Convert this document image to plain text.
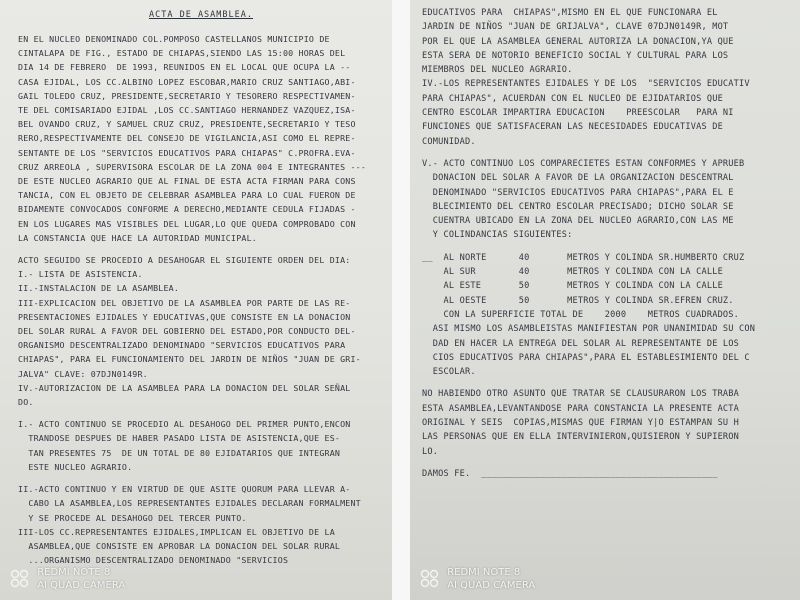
ACTA DE ASAMBLEA.
EN EL NUCLEO DENOMINADO COL.POMPOSO CASTELLANOS MUNICIPIO DE
CINTALAPA DE FIG., ESTADO DE CHIAPAS,SIENDO LAS 15:00 HORAS DEL
DIA 14 DE FEBRERO  DE 1993, REUNIDOS EN EL LOCAL QUE OCUPA LA --
CASA EJIDAL, LOS CC.ALBINO LOPEZ ESCOBAR,MARIO CRUZ SANTIAGO,ABI-
GAIL TOLEDO CRUZ, PRESIDENTE,SECRETARIO Y TESORERO RESPECTIVAMEN-
TE DEL COMISARIADO EJIDAL ,LOS CC.SANTIAGO HERNANDEZ VAZQUEZ,ISA-
BEL OVANDO CRUZ, Y SAMUEL CRUZ CRUZ, PRESIDENTE,SECRETARIO Y TESO
RERO,RESPECTIVAMENTE DEL CONSEJO DE VIGILANCIA,ASI COMO EL REPRE-
SENTANTE DE LOS "SERVICIOS EDUCATIVOS PARA CHIAPAS" C.PROFRA.EVA-
CRUZ ARREOLA , SUPERVISORA ESCOLAR DE LA ZONA 004 E INTEGRANTES ---
DE ESTE NUCLEO AGRARIO QUE AL FINAL DE ESTA ACTA FIRMAN PARA CONS
TANCIA, CON EL OBJETO DE CELEBRAR ASAMBLEA PARA LO CUAL FUERON DE
BIDAMENTE CONVOCADOS CONFORME A DERECHO,MEDIANTE CEDULA FIJADAS -
EN LOS LUGARES MAS VISIBLES DEL LUGAR,LO QUE QUEDA COMPROBADO CON
LA CONSTANCIA QUE HACE LA AUTORIDAD MUNICIPAL.
ACTO SEGUIDO SE PROCEDIO A DESAHOGAR EL SIGUIENTE ORDEN DEL DIA:
I.- LISTA DE ASISTENCIA.
II.-INSTALACION DE LA ASAMBLEA.
III-EXPLICACION DEL OBJETIVO DE LA ASAMBLEA POR PARTE DE LAS RE-
PRESENTACIONES EJIDALES Y EDUCATIVAS,QUE CONSISTE EN LA DONACION
DEL SOLAR RURAL A FAVOR DEL GOBIERNO DEL ESTADO,POR CONDUCTO DEL-
ORGANISMO DESCENTRALIZADO DENOMINADO "SERVICIOS EDUCATIVOS PARA
CHIAPAS", PARA EL FUNCIONAMIENTO DEL JARDIN DE NIÑOS "JUAN DE GRI-
JALVA" CLAVE: 07DJN0149R.
IV.-AUTORIZACION DE LA ASAMBLEA PARA LA DONACION DEL SOLAR SEÑAL
DO.
I.- ACTO CONTINUO SE PROCEDIO AL DESAHOGO DEL PRIMER PUNTO,ENCON
TRANDOSE DESPUES DE HABER PASADO LISTA DE ASISTENCIA,QUE ES-
TAN PRESENTES 75  DE UN TOTAL DE 80 EJIDATARIOS QUE INTEGRAN
ESTE NUCLEO AGRARIO.
II.-ACTO CONTINUO Y EN VIRTUD DE QUE ASITE QUORUM PARA LLEVAR A-
CABO LA ASAMBLEA,LOS REPRESENTANTES EJIDALES DECLARAN FORMALMENT
Y SE PROCEDE AL DESAHOGO DEL TERCER PUNTO.
III-LOS CC.REPRESENTANTES EJIDALES,IMPLICAN EL OBJETIVO DE LA
ASAMBLEA,QUE CONSISTE EN APROBAR LA DONACION DEL SOLAR RURAL
...ORGANISMO DESCENTRALIZADO DENOMINADO "SERVICIOS
EDUCATIVOS PARA  CHIAPAS",MISMO EN EL QUE FUNCIONARA EL
JARDIN DE NIÑOS "JUAN DE GRIJALVA", CLAVE 07DJN0149R, MOT
POR EL QUE LA ASAMBLEA GENERAL AUTORIZA LA DONACION,YA QUE
ESTA SERA DE NOTORIO BENEFICIO SOCIAL Y CULTURAL PARA LOS
MIEMBROS DEL NUCLEO AGRARIO.
IV.-LOS REPRESENTANTES EJIDALES Y DE LOS  "SERVICIOS EDUCATIV
PARA CHIAPAS", ACUERDAN CON EL NUCLEO DE EJIDATARIOS QUE
CENTRO ESCOLAR IMPARTIRA EDUCACION    PREESCOLAR   PARA NI
FUNCIONES QUE SATISFACERAN LAS NECESIDADES EDUCATIVAS DE
COMUNIDAD.
V.- ACTO CONTINUO LOS COMPARECIETES ESTAN CONFORMES Y APRUEB
DONACION DEL SOLAR A FAVOR DE LA ORGANIZACION DESCENTRAL
DENOMINADO "SERVICIOS EDUCATIVOS PARA CHIAPAS",PARA EL E
BLECIMIENTO DEL CENTRO ESCOLAR PRECISADO; DICHO SOLAR SE
CUENTRA UBICADO EN LA ZONA DEL NUCLEO AGRARIO,CON LAS ME
Y COLINDANCIAS SIGUIENTES:
__  AL NORTE      40       METROS Y COLINDA SR.HUMBERTO CRUZ
AL SUR        40       METROS Y COLINDA CON LA CALLE
AL ESTE       50       METROS Y COLINDA CON LA CALLE
AL OESTE      50       METROS Y COLINDA SR.EFREN CRUZ.
CON LA SUPERFICIE TOTAL DE    2000    METROS CUADRADOS.
ASI MISMO LOS ASAMBLEISTAS MANIFIESTAN POR UNANIMIDAD SU CON
DAD EN HACER LA ENTREGA DEL SOLAR AL REPRESENTANTE DE LOS
CIOS EDUCATIVOS PARA CHIAPAS",PARA EL ESTABLESIMIENTO DEL C
ESCOLAR.
NO HABIENDO OTRO ASUNTO QUE TRATAR SE CLAUSURARON LOS TRABA
ESTA ASAMBLEA,LEVANTANDOSE PARA CONSTANCIA LA PRESENTE ACTA
ORIGINAL Y SEIS  COPIAS,MISMAS QUE FIRMAN Y|O ESTAMPAN SU H
LAS PERSONAS QUE EN ELLA INTERVINIERON,QUISIERON Y SUPIERON
LO.
DAMOS FE.  ____________________________________________

REDMI NOTE 8
AI QUAD CAMERA

REDMI NOTE 8
AI QUAD CAMERA
